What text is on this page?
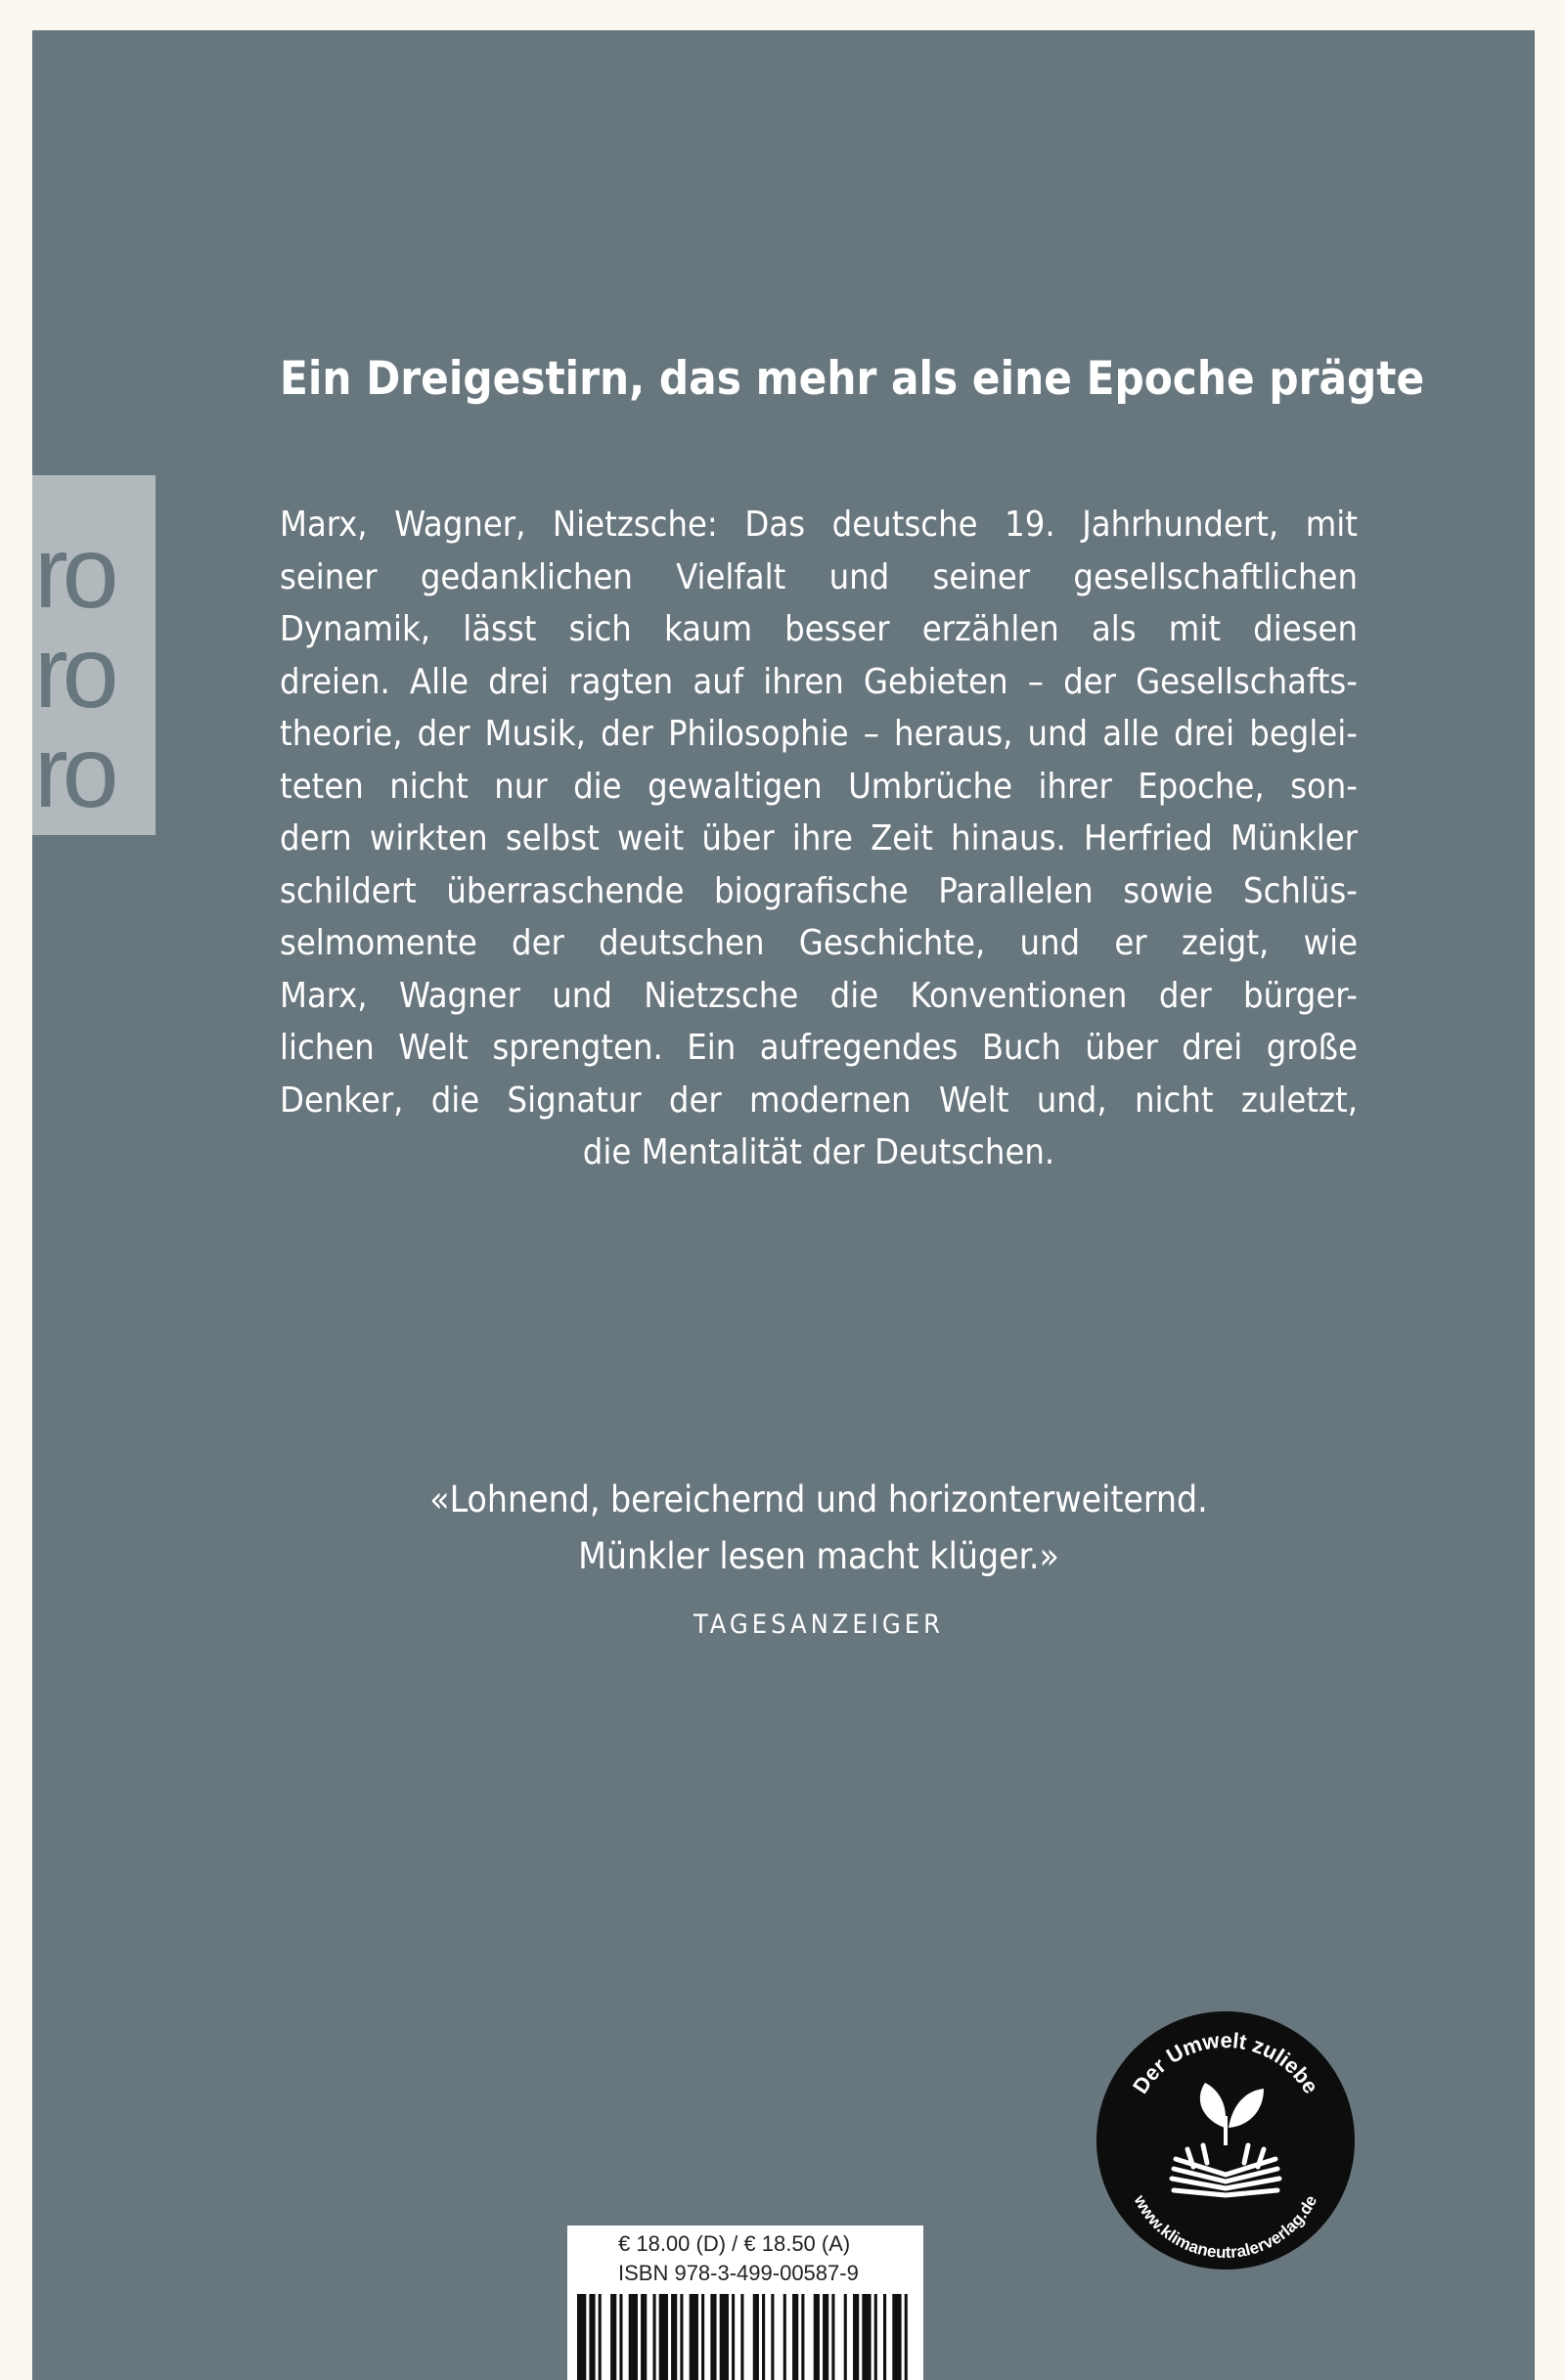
ro
ro
ro
Ein Dreigestirn, das mehr als eine Epoche prägte
Marx, Wagner, Nietzsche: Das deutsche 19. Jahrhundert, mit
seiner gedanklichen Vielfalt und seiner gesellschaftlichen
Dynamik, lässt sich kaum besser erzählen als mit diesen
dreien. Alle drei ragten auf ihren Gebieten – der Gesellschafts-
theorie, der Musik, der Philosophie – heraus, und alle drei beglei-
teten nicht nur die gewaltigen Umbrüche ihrer Epoche, son-
dern wirkten selbst weit über ihre Zeit hinaus. Herfried Münkler
schildert überraschende biografische Parallelen sowie Schlüs-
selmomente der deutschen Geschichte, und er zeigt, wie
Marx, Wagner und Nietzsche die Konventionen der bürger-
lichen Welt sprengten. Ein aufregendes Buch über drei große
Denker, die Signatur der modernen Welt und, nicht zuletzt,
die Mentalität der Deutschen.
«Lohnend, bereichernd und horizonterweiternd.
Münkler lesen macht klüger.»
TAGESANZEIGER
Der Umwelt zuliebe
www.klimaneutralerverlag.de
€ 18.00 (D) / € 18.50 (A)
ISBN 978-3-499-00587-9
